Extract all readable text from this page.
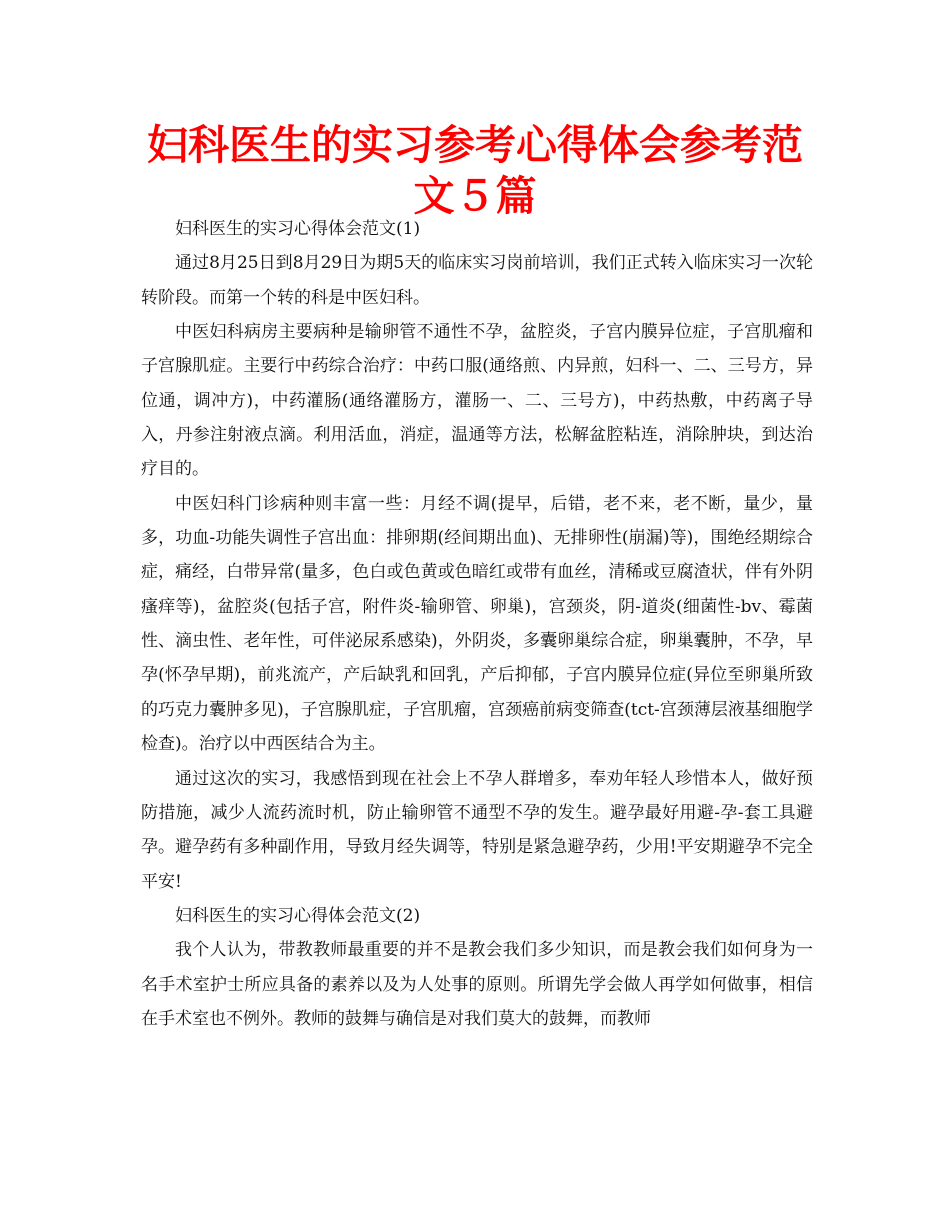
妇科医生的实习参考心得体会参考范文５篇

妇科医生的实习心得体会范文(1)

通过8月25日到8月29日为期5天的临床实习岗前培训，我们正式转入临床实习一次轮转阶段。而第一个转的科是中医妇科。

中医妇科病房主要病种是输卵管不通性不孕，盆腔炎，子宫内膜异位症，子宫肌瘤和子宫腺肌症。主要行中药综合治疗：中药口服(通络煎、内异煎，妇科一、二、三号方，异位通，调冲方)，中药灌肠(通络灌肠方，灌肠一、二、三号方)，中药热敷，中药离子导入，丹参注射液点滴。利用活血，消症，温通等方法，松解盆腔粘连，消除肿块，到达治疗目的。

中医妇科门诊病种则丰富一些：月经不调(提早，后错，老不来，老不断，量少，量多，功血-功能失调性子宫出血：排卵期(经间期出血)、无排卵性(崩漏)等)，围绝经期综合症，痛经，白带异常(量多，色白或色黄或色暗红或带有血丝，清稀或豆腐渣状，伴有外阴瘙痒等)，盆腔炎(包括子宫，附件炎-输卵管、卵巢)，宫颈炎，阴-道炎(细菌性-bv、霉菌性、滴虫性、老年性，可伴泌尿系感染)，外阴炎，多囊卵巢综合症，卵巢囊肿，不孕，早孕(怀孕早期)，前兆流产，产后缺乳和回乳，产后抑郁，子宫内膜异位症(异位至卵巢所致的巧克力囊肿多见)，子宫腺肌症，子宫肌瘤，宫颈癌前病变筛查(tct-宫颈薄层液基细胞学检查)。治疗以中西医结合为主。

通过这次的实习，我感悟到现在社会上不孕人群增多，奉劝年轻人珍惜本人，做好预防措施，减少人流药流时机，防止输卵管不通型不孕的发生。避孕最好用避-孕-套工具避孕。避孕药有多种副作用，导致月经失调等，特别是紧急避孕药，少用!平安期避孕不完全平安!

妇科医生的实习心得体会范文(2)

我个人认为，带教教师最重要的并不是教会我们多少知识，而是教会我们如何身为一名手术室护士所应具备的素养以及为人处事的原则。所谓先学会做人再学如何做事，相信在手术室也不例外。教师的鼓舞与确信是对我们莫大的鼓舞，而教师
